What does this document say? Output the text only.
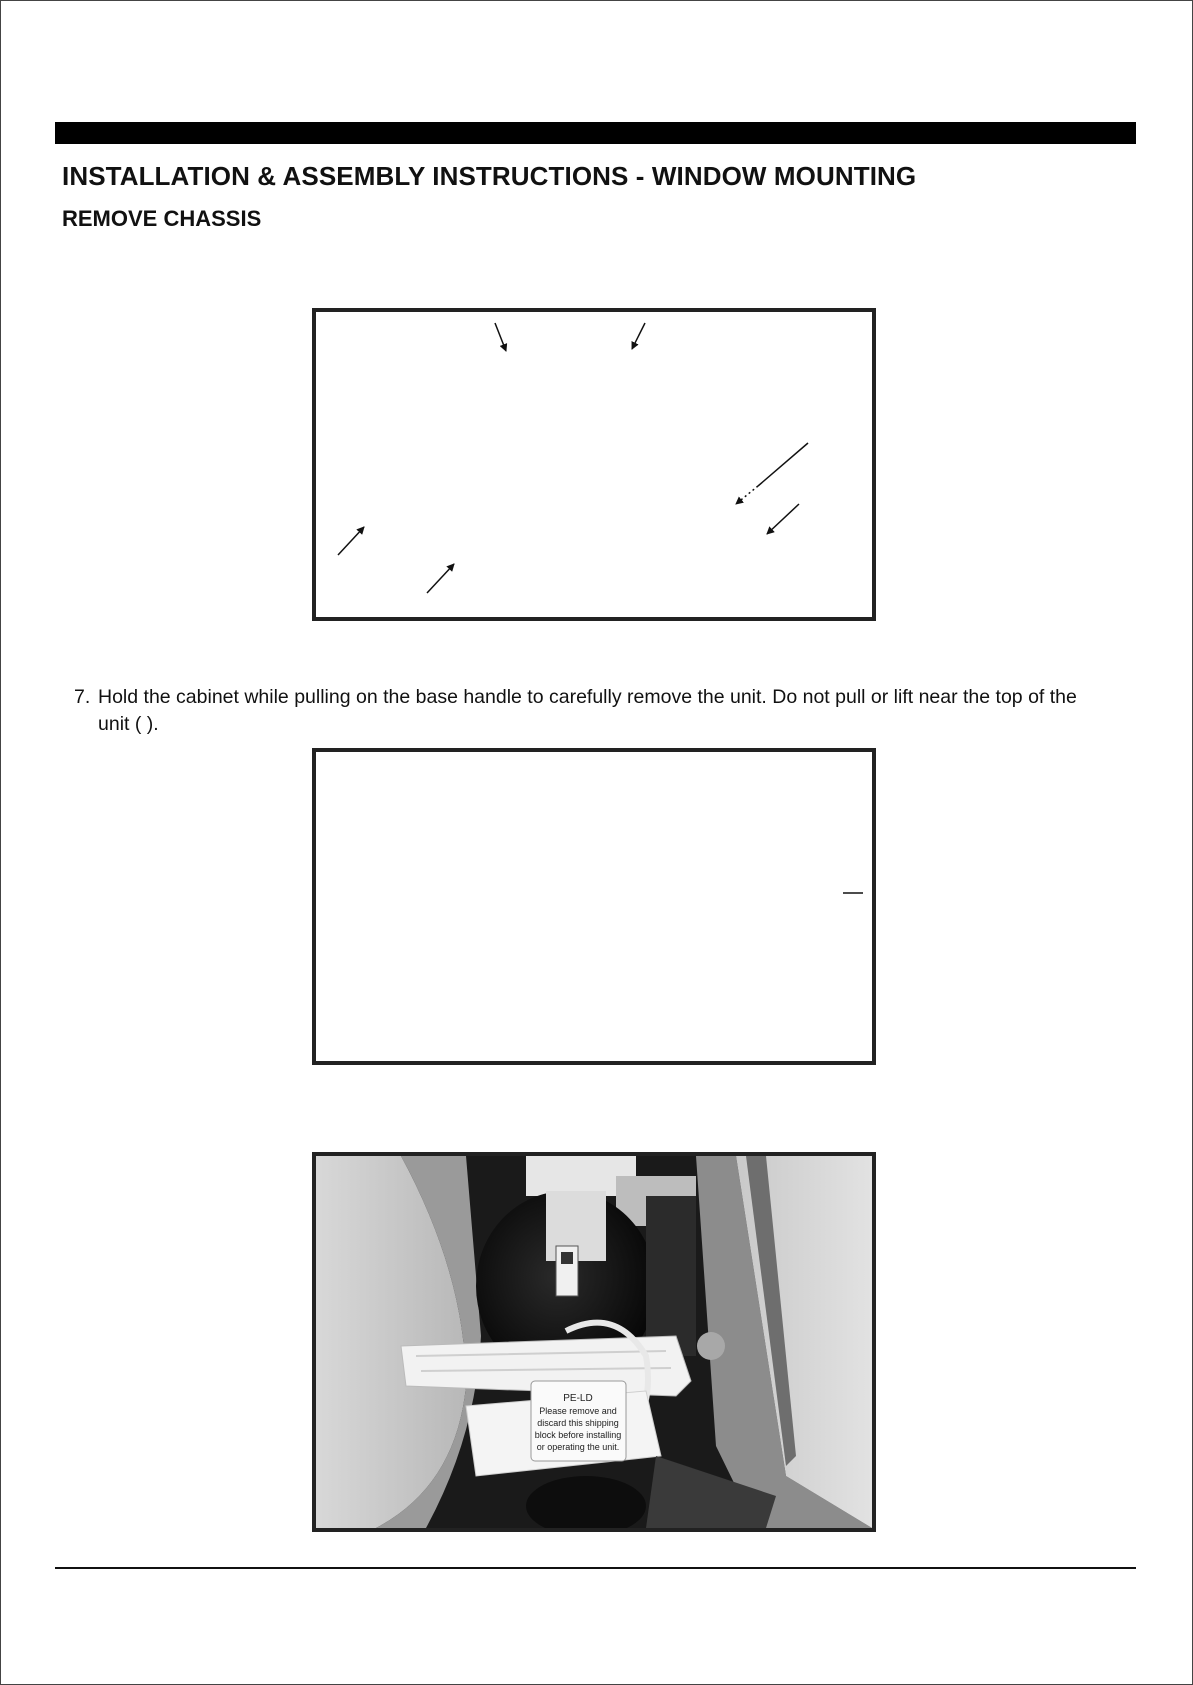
INSTALLATION & ASSEMBLY INSTRUCTIONS - WINDOW MOUNTING
REMOVE CHASSIS
7. Hold the cabinet while pulling on the base handle to carefully remove the unit. Do not pull or lift near the top of the
unit ( ).
PE-LD
Please remove and
discard this shipping
block before installing
or operating the unit.
